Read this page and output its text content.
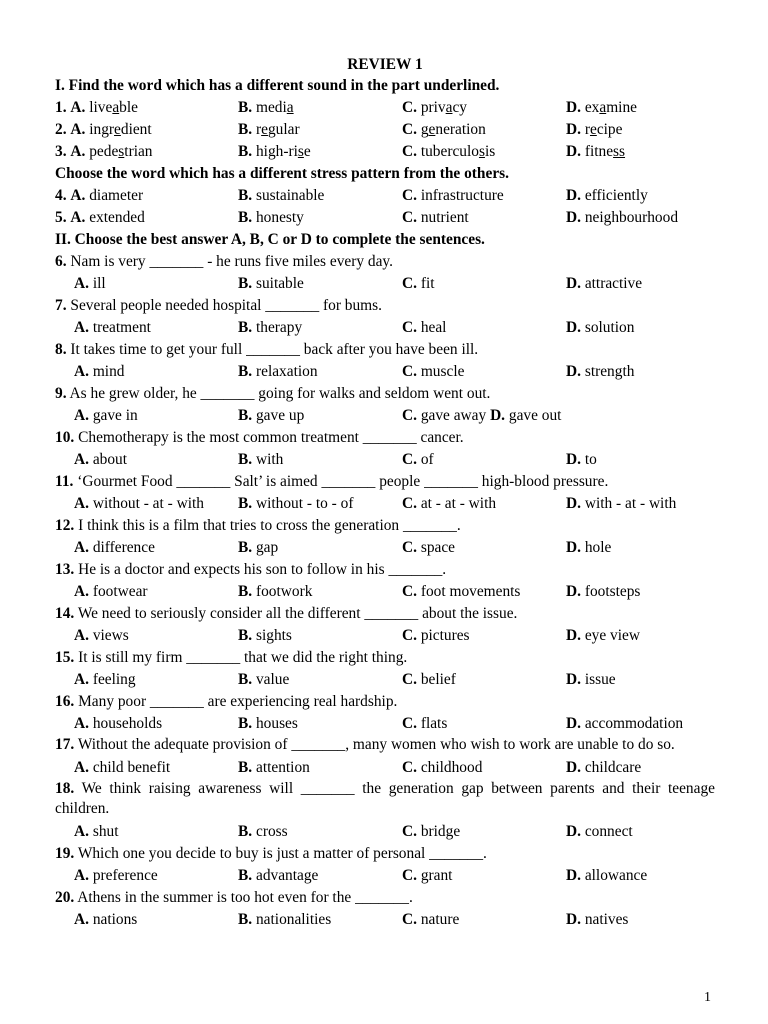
REVIEW 1
I. Find the word which has a different sound in the part underlined.
1. A. liveable	B. media	C. privacy	D. examine
2. A. ingredient	B. regular	C. generation	D. recipe
3. A. pedestrian	B. high-rise	C. tuberculosis	D. fitness
Choose the word which has a different stress pattern from the others.
4. A. diameter	B. sustainable	C. infrastructure	D. efficiently
5. A. extended	B. honesty	C. nutrient	D. neighbourhood
II. Choose the best answer A, B, C or D to complete the sentences.
6. Nam is very _______ - he runs five miles every day.
A. ill	B. suitable	C. fit	D. attractive
7. Several people needed hospital _______ for bums.
A. treatment	B. therapy	C. heal	D. solution
8. It takes time to get your full _______ back after you have been ill.
A. mind	B. relaxation	C. muscle	D. strength
9. As he grew older, he _______ going for walks and seldom went out.
A. gave in	B. gave up	C. gave away D. gave out
10. Chemotherapy is the most common treatment _______ cancer.
A. about	B. with	C. of	D. to
11. ‘Gourmet Food _______ Salt’ is aimed _______ people _______ high-blood pressure.
A. without - at - with B. without - to - of	C. at - at - with	D. with - at - with
12. I think this is a film that tries to cross the generation _______.
A. difference	B. gap	C. space	D. hole
13. He is a doctor and expects his son to follow in his _______.
A. footwear	B. footwork	C. foot movements	D. footsteps
14. We need to seriously consider all the different _______ about the issue.
A. views	B. sights	C. pictures	D. eye view
15. It is still my firm _______ that we did the right thing.
A. feeling	B. value	C. belief	D. issue
16. Many poor _______ are experiencing real hardship.
A. households	B. houses	C. flats	D. accommodation
17. Without the adequate provision of _______, many women who wish to work are unable to do so.
A. child benefit	B. attention	C. childhood	D. childcare
18. We think raising awareness will _______ the generation gap between parents and their teenage children.
A. shut	B. cross	C. bridge	D. connect
19. Which one you decide to buy is just a matter of personal _______.
A. preference	B. advantage	C. grant	D. allowance
20. Athens in the summer is too hot even for the _______.
A. nations	B. nationalities	C. nature	D. natives
1
